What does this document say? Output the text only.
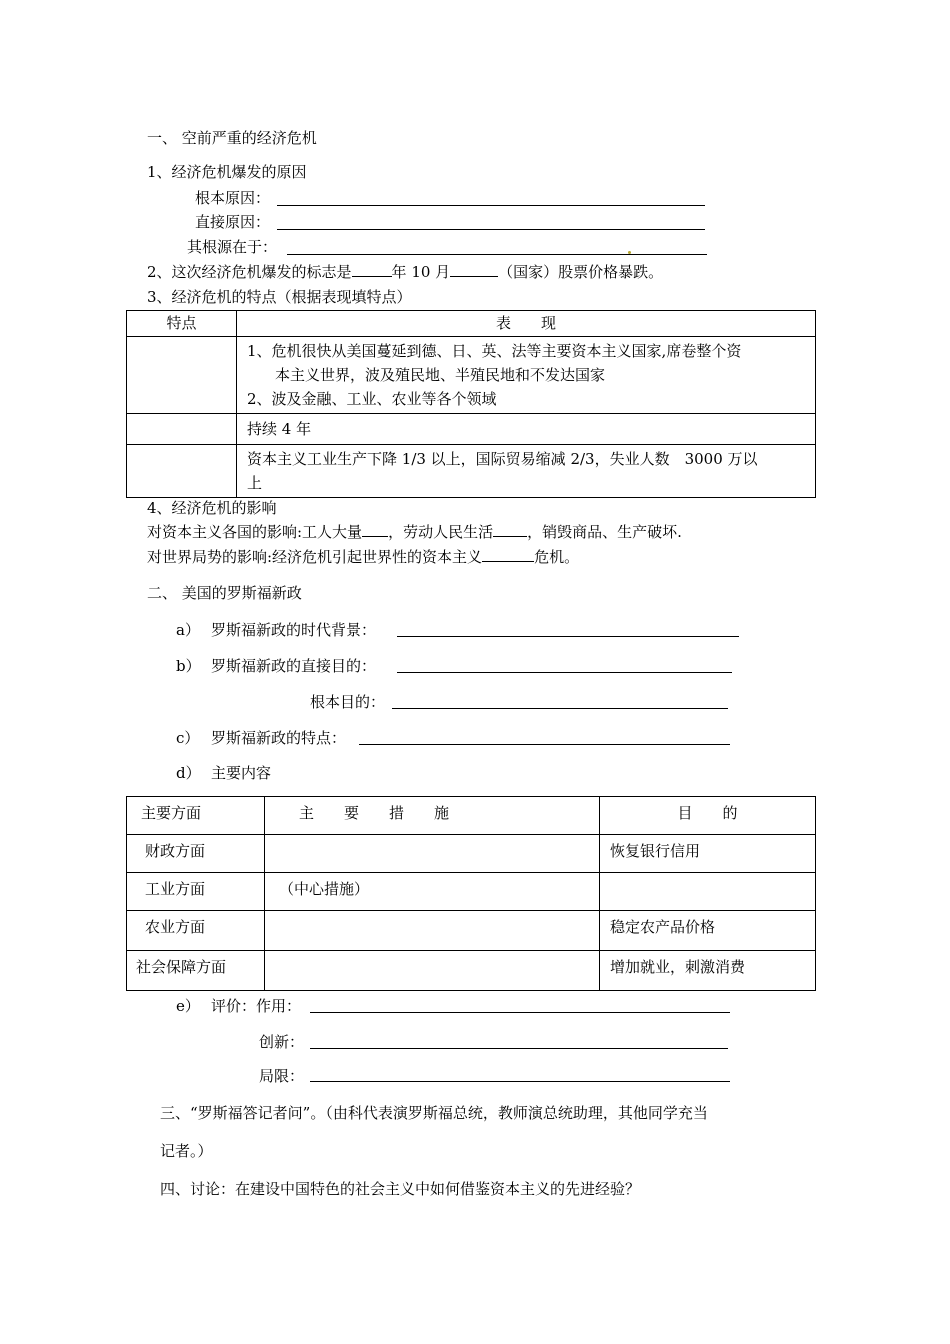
一、 空前严重的经济危机
1、经济危机爆发的原因
根本原因：
直接原因：
其根源在于：
2、这次经济危机爆发的标志是	年 10 月	（国家）股票价格暴跌。
3、经济危机的特点（根据表现填特点）
特点	表　　现

	1、危机很快从美国蔓延到德、日、英、法等主要资本主义国家,席卷整个资
本主义世界，波及殖民地、半殖民地和不发达国家
2、波及金融、工业、农业等各个领域

	持续 4 年

	资本主义工业生产下降 1/3 以上，国际贸易缩减 2/3，失业人数　3000 万以
上
4、经济危机的影响
对资本主义各国的影响:工人大量 ，劳动人民生活 ，销毁商品、生产破坏.
对世界局势的影响:经济危机引起世界性的资本主义	危机。
二、 美国的罗斯福新政
a） 罗斯福新政的时代背景：
b） 罗斯福新政的直接目的：
根本目的：
c） 罗斯福新政的特点：
d） 主要内容
主要方面	主　　要　　措　　施	目　　的
财政方面		恢复银行信用
工业方面	（中心措施）	
农业方面		稳定农产品价格
社会保障方面		增加就业，刺激消费
e） 评价：作用：
创新：
局限：
三、“罗斯福答记者问”。（由科代表演罗斯福总统，教师演总统助理，其他同学充当
记者。）
四、讨论：在建设中国特色的社会主义中如何借鉴资本主义的先进经验？
